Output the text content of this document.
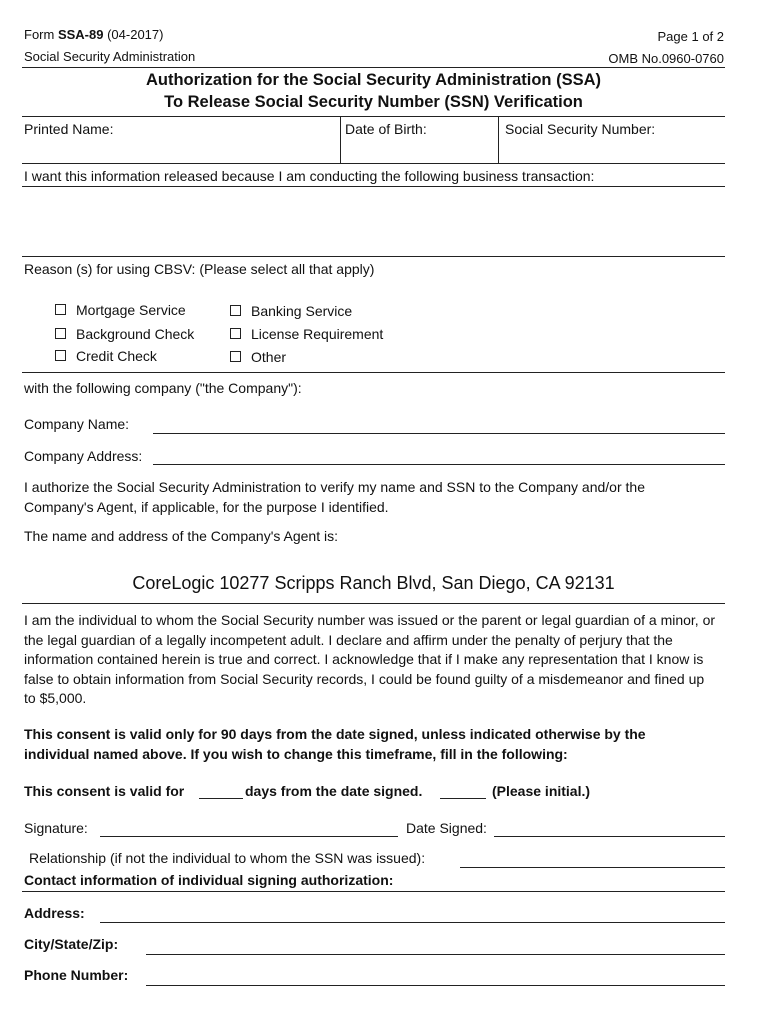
Form SSA-89 (04-2017)
Social Security Administration
Page 1 of 2
OMB No.0960-0760
Authorization for the Social Security Administration (SSA)
To Release Social Security Number (SSN) Verification
Printed Name:	Date of Birth:	Social Security Number:
I want this information released because I am conducting the following business transaction:
Reason (s) for using CBSV: (Please select all that apply)
Mortgage Service	Banking Service
Background Check	License Requirement
Credit Check	Other
with the following company ("the Company"):
Company Name:
Company Address:
I authorize the Social Security Administration to verify my name and SSN to the Company and/or the Company's Agent, if applicable, for the purpose I identified.
The name and address of the Company's Agent is:
CoreLogic 10277 Scripps Ranch Blvd, San Diego, CA 92131
I am the individual to whom the Social Security number was issued or the parent or legal guardian of a minor, or the legal guardian of a legally incompetent adult. I declare and affirm under the penalty of perjury that the information contained herein is true and correct. I acknowledge that if I make any representation that I know is false to obtain information from Social Security records, I could be found guilty of a misdemeanor and fined up to $5,000.
This consent is valid only for 90 days from the date signed, unless indicated otherwise by the individual named above. If you wish to change this timeframe, fill in the following:
This consent is valid for	days from the date signed.	(Please initial.)
Signature:	Date Signed:
Relationship (if not the individual to whom the SSN was issued):
Contact information of individual signing authorization:
Address:
City/State/Zip:
Phone Number:
